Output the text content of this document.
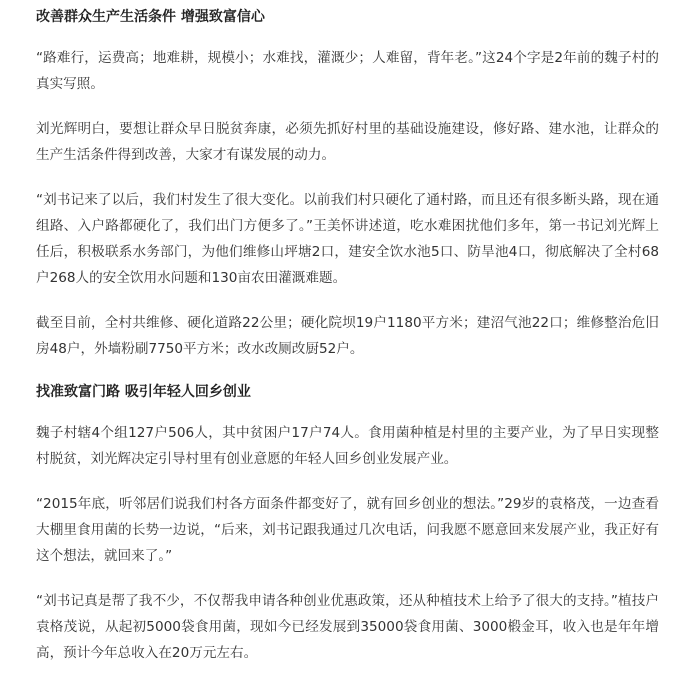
改善群众生产生活条件 增强致富信心

“路难行，运费高；地难耕，规模小；水难找，灌溉少；人难留，背年老。”这24个字是2年前的魏子村的真实写照。

刘光辉明白，要想让群众早日脱贫奔康，必须先抓好村里的基础设施建设，修好路、建水池，让群众的生产生活条件得到改善，大家才有谋发展的动力。

“刘书记来了以后，我们村发生了很大变化。以前我们村只硬化了通村路，而且还有很多断头路，现在通组路、入户路都硬化了，我们出门方便多了。”王美怀讲述道，吃水难困扰他们多年，第一书记刘光辉上任后，积极联系水务部门，为他们维修山坪塘2口，建安全饮水池5口、防旱池4口，彻底解决了全村68户268人的安全饮用水问题和130亩农田灌溉难题。

截至目前，全村共维修、硬化道路22公里；硬化院坝19户1180平方米；建沼气池22口；维修整治危旧房48户，外墙粉刷7750平方米；改水改厕改厨52户。

找准致富门路 吸引年轻人回乡创业

魏子村辖4个组127户506人，其中贫困户17户74人。食用菌种植是村里的主要产业，为了早日实现整村脱贫，刘光辉决定引导村里有创业意愿的年轻人回乡创业发展产业。

“2015年底，听邻居们说我们村各方面条件都变好了，就有回乡创业的想法。”29岁的袁格茂，一边查看大棚里食用菌的长势一边说，“后来，刘书记跟我通过几次电话，问我愿不愿意回来发展产业，我正好有这个想法，就回来了。”

“刘书记真是帮了我不少，不仅帮我申请各种创业优惠政策，还从种植技术上给予了很大的支持。”植技户袁格茂说，从起初5000袋食用菌，现如今已经发展到35000袋食用菌、3000椴金耳，收入也是年年增高，预计今年总收入在20万元左右。
